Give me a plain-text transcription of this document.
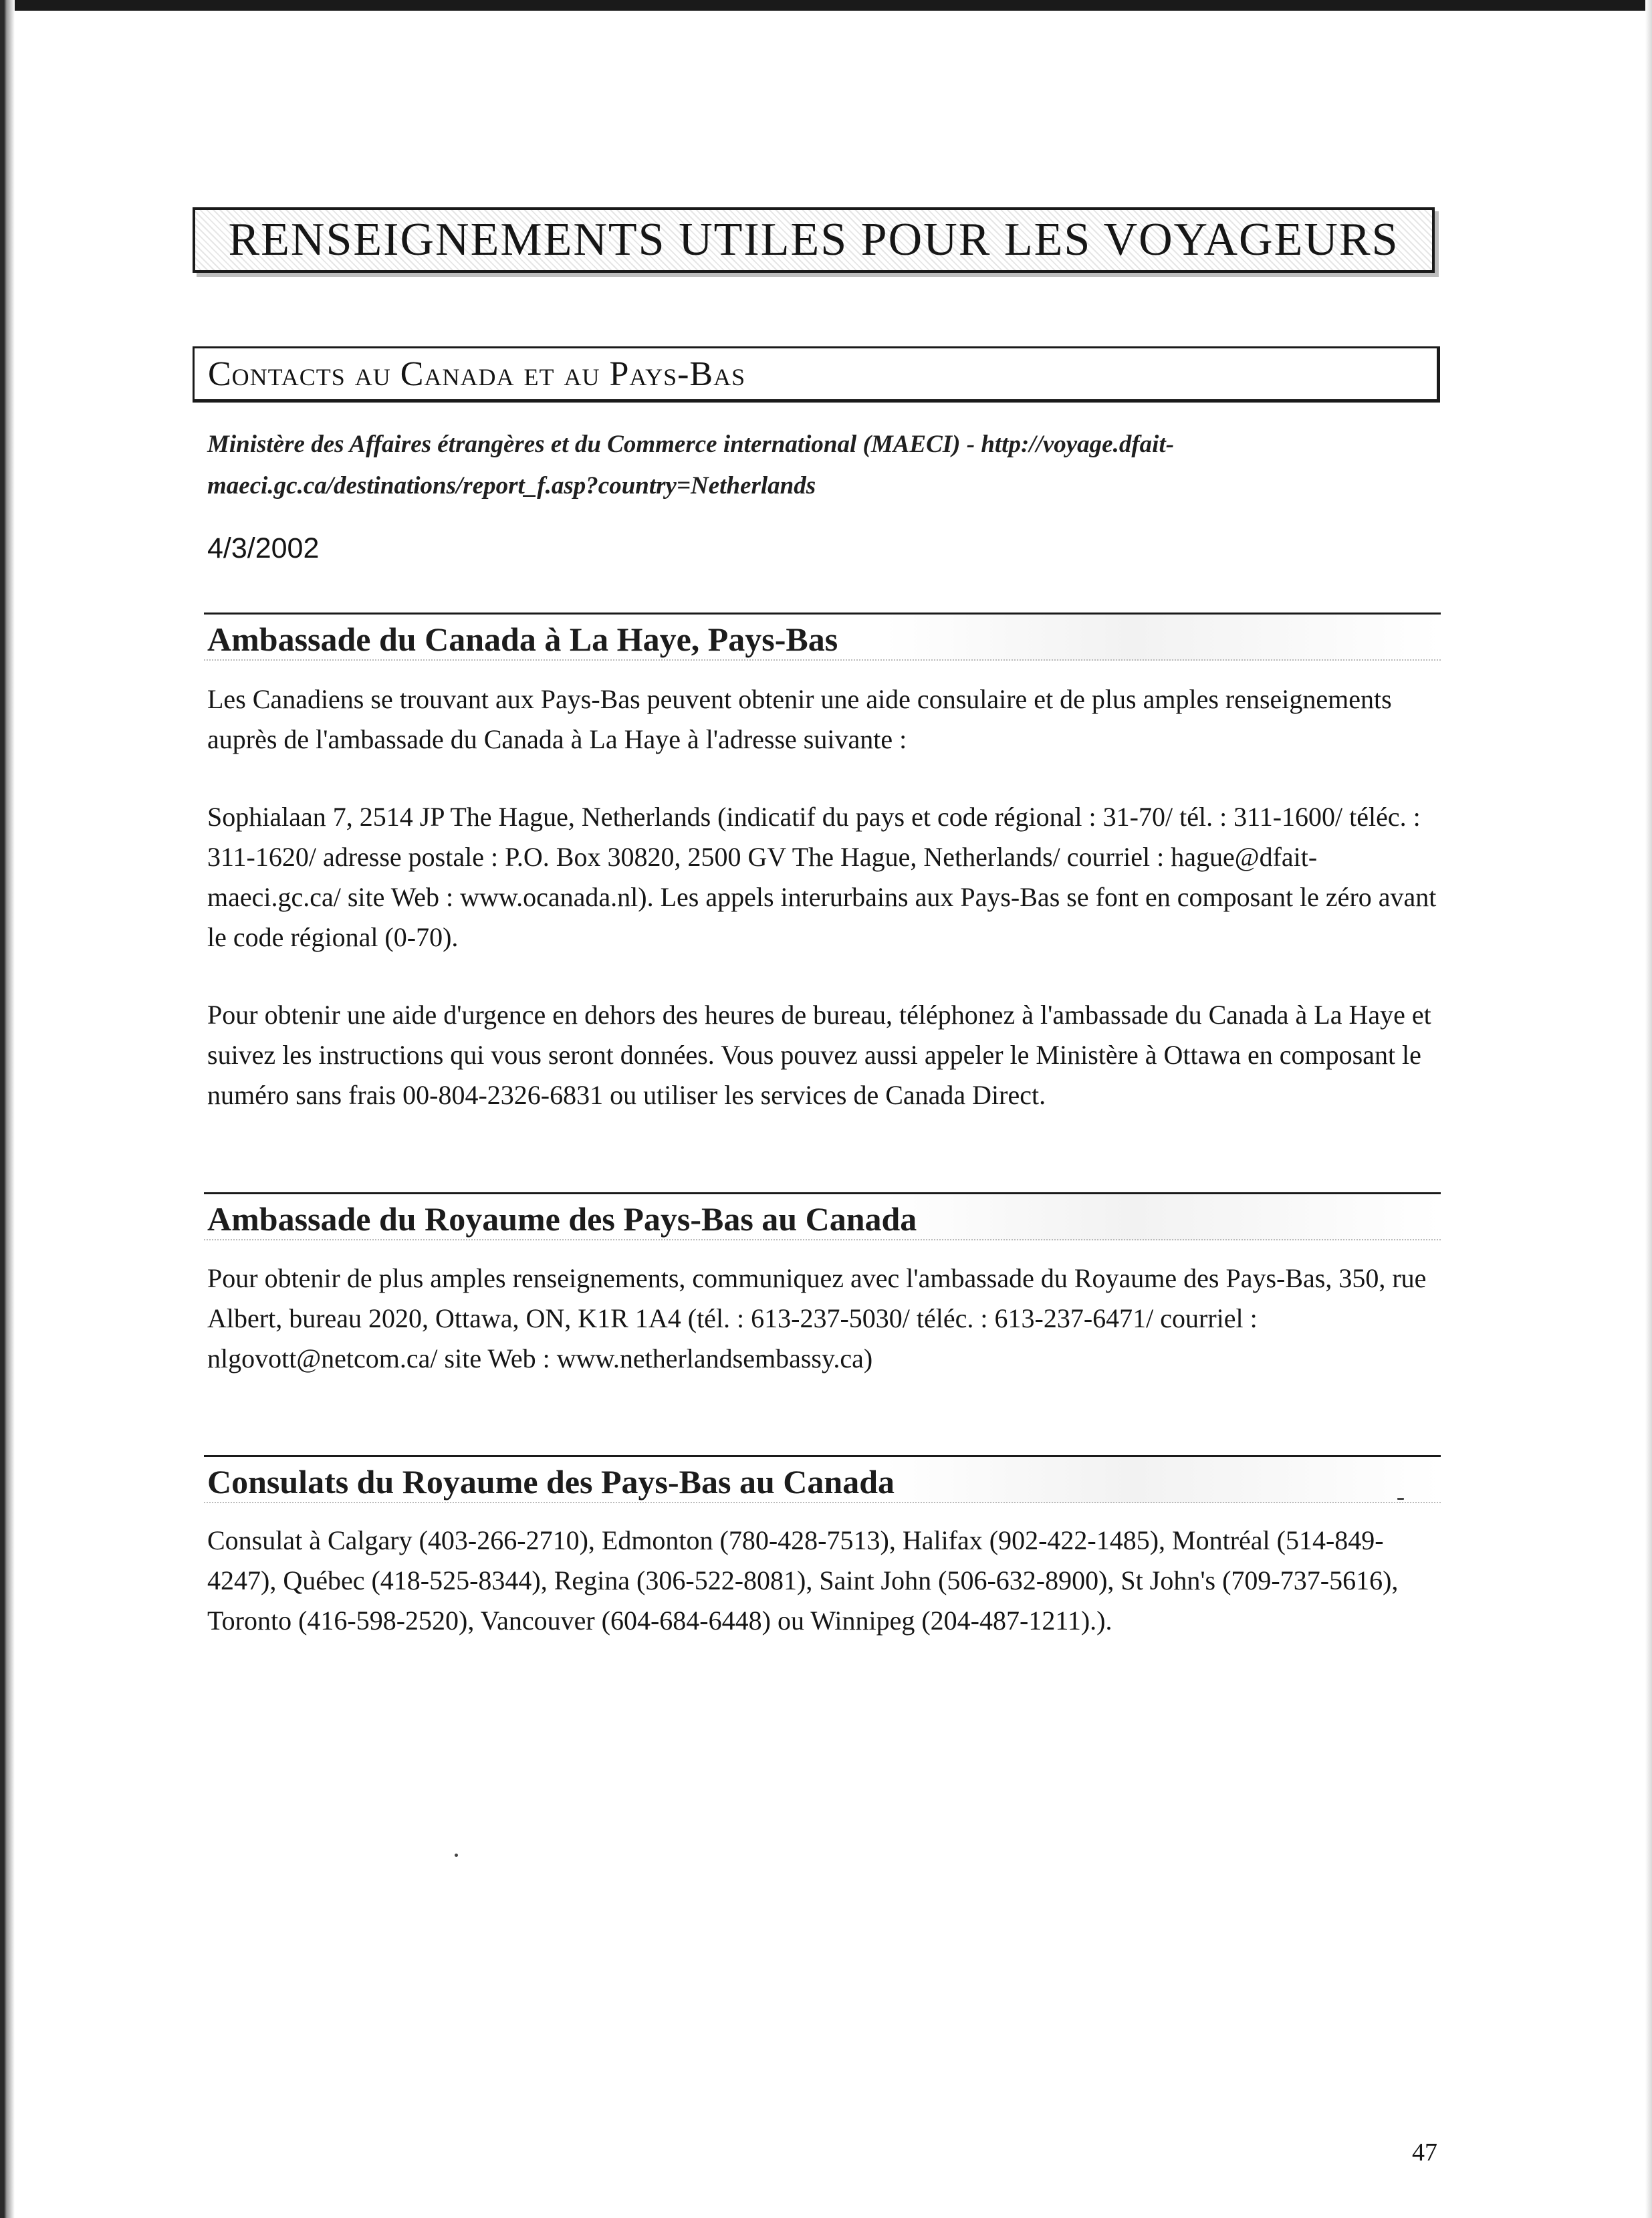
RENSEIGNEMENTS UTILES POUR LES VOYAGEURS
Contacts au Canada et au Pays-Bas
Ministère des Affaires étrangères et du Commerce international (MAECI) - http://voyage.dfait-maeci.gc.ca/destinations/report_f.asp?country=Netherlands
4/3/2002
Ambassade du Canada à La Haye, Pays-Bas
Les Canadiens se trouvant aux Pays-Bas peuvent obtenir une aide consulaire et de plus amples renseignements auprès de l'ambassade du Canada à La Haye à l'adresse suivante :
Sophialaan 7, 2514 JP The Hague, Netherlands (indicatif du pays et code régional : 31-70/ tél. : 311-1600/ téléc. : 311-1620/ adresse postale : P.O. Box 30820, 2500 GV The Hague, Netherlands/ courriel : hague@dfait-maeci.gc.ca/ site Web : www.ocanada.nl). Les appels interurbains aux Pays-Bas se font en composant le zéro avant le code régional (0-70).
Pour obtenir une aide d'urgence en dehors des heures de bureau, téléphonez à l'ambassade du Canada à La Haye et suivez les instructions qui vous seront données. Vous pouvez aussi appeler le Ministère à Ottawa en composant le numéro sans frais 00-804-2326-6831 ou utiliser les services de Canada Direct.
Ambassade du Royaume des Pays-Bas au Canada
Pour obtenir de plus amples renseignements, communiquez avec l'ambassade du Royaume des Pays-Bas, 350, rue Albert, bureau 2020, Ottawa, ON, K1R 1A4 (tél. : 613-237-5030/ téléc. : 613-237-6471/ courriel : nlgovott@netcom.ca/ site Web : www.netherlandsembassy.ca)
Consulats du Royaume des Pays-Bas au Canada
Consulat à Calgary (403-266-2710), Edmonton (780-428-7513), Halifax (902-422-1485), Montréal (514-849-4247), Québec (418-525-8344), Regina (306-522-8081), Saint John (506-632-8900), St John's (709-737-5616), Toronto (416-598-2520), Vancouver (604-684-6448) ou Winnipeg (204-487-1211).).
47
